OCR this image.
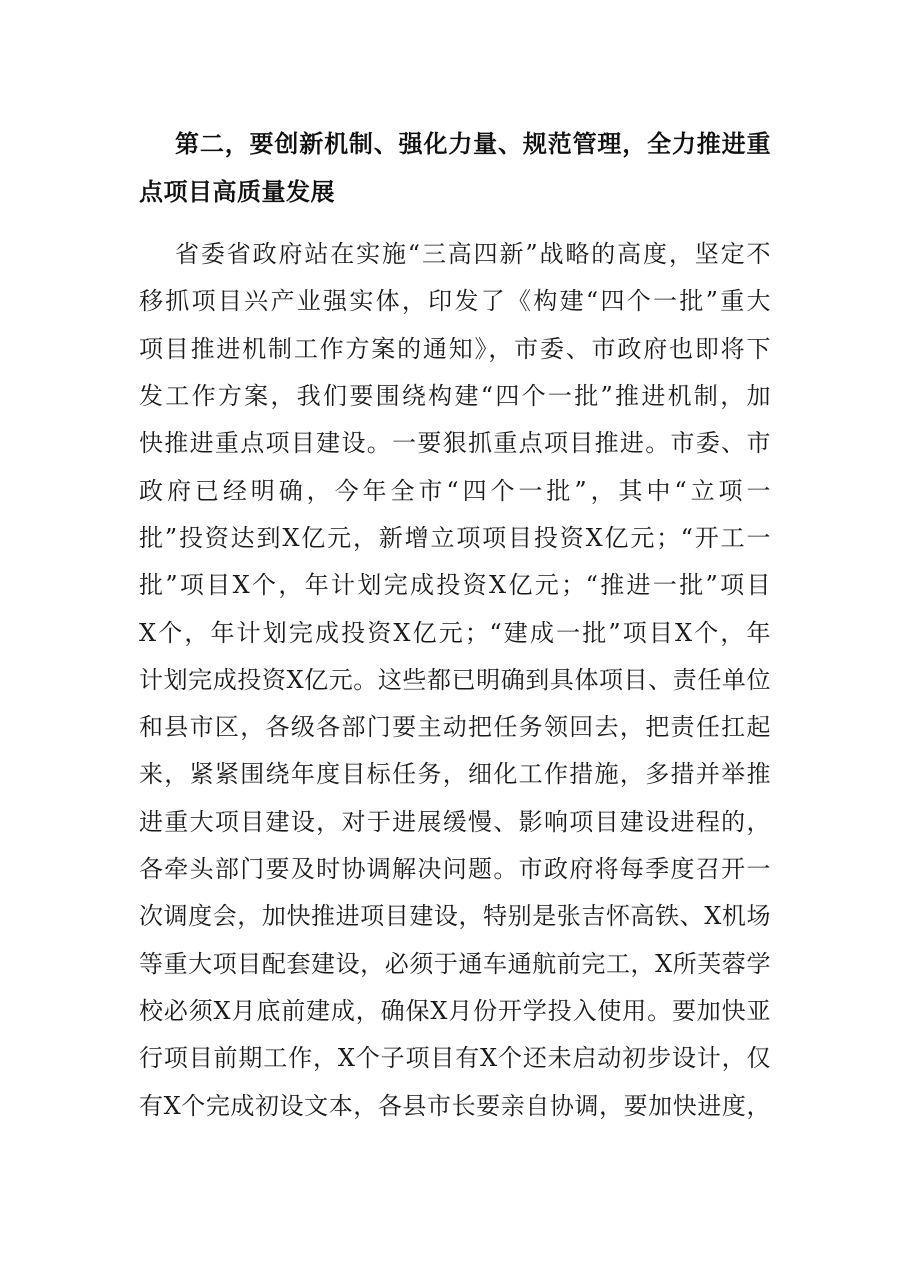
第二，要创新机制、强化力量、规范管理，全力推进重
点项目高质量发展
省委省政府站在实施“三高四新”战略的高度，坚定不
移抓项目兴产业强实体，印发了《构建“四个一批”重大
项目推进机制工作方案的通知》，市委、市政府也即将下
发工作方案，我们要围绕构建“四个一批”推进机制，加
快推进重点项目建设。一要狠抓重点项目推进。市委、市
政府已经明确，今年全市“四个一批”，其中“立项一
批”投资达到X亿元，新增立项项目投资X亿元；“开工一
批”项目X个，年计划完成投资X亿元；“推进一批”项目
X个，年计划完成投资X亿元；“建成一批”项目X个，年
计划完成投资X亿元。这些都已明确到具体项目、责任单位
和县市区，各级各部门要主动把任务领回去，把责任扛起
来，紧紧围绕年度目标任务，细化工作措施，多措并举推
进重大项目建设，对于进展缓慢、影响项目建设进程的，
各牵头部门要及时协调解决问题。市政府将每季度召开一
次调度会，加快推进项目建设，特别是张吉怀高铁、X机场
等重大项目配套建设，必须于通车通航前完工，X所芙蓉学
校必须X月底前建成，确保X月份开学投入使用。要加快亚
行项目前期工作，X个子项目有X个还未启动初步设计，仅
有X个完成初设文本，各县市长要亲自协调，要加快进度，
